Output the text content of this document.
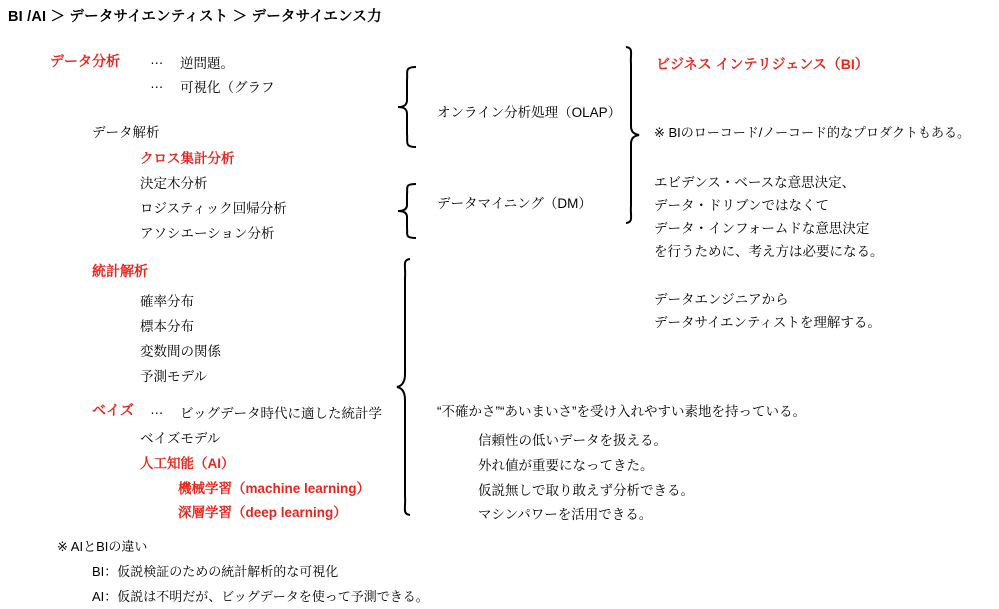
BI /AI ＞ データサイエンティスト ＞ データサイエンス力
データ分析 … 逆問題。
… 可視化（グラフ
データ解析
クロス集計分析
決定木分析
ロジスティック回帰分析
アソシエーション分析
統計解析
確率分布
標本分布
変数間の関係
予測モデル
ベイズ … ビッグデータ時代に適した統計学
ベイズモデル
人工知能（AI）
機械学習（machine learning）
深層学習（deep learning）
オンライン分析処理（OLAP）
データマイニング（DM）
“不確かさ”“あいまいさ”を受け入れやすい素地を持っている。
信頼性の低いデータを扱える。
外れ値が重要になってきた。
仮説無しで取り敢えず分析できる。
マシンパワーを活用できる。
ビジネス インテリジェンス（BI）
※ BIのローコード/ノーコード的なプロダクトもある。
エビデンス・ベースな意思決定、
データ・ドリブンではなくて
データ・インフォームドな意思決定
を行うために、考え方は必要になる。
データエンジニアから
データサイエンティストを理解する。
※ AIとBIの違い
BI：仮説検証のための統計解析的な可視化
AI：仮説は不明だが、ビッグデータを使って予測できる。
